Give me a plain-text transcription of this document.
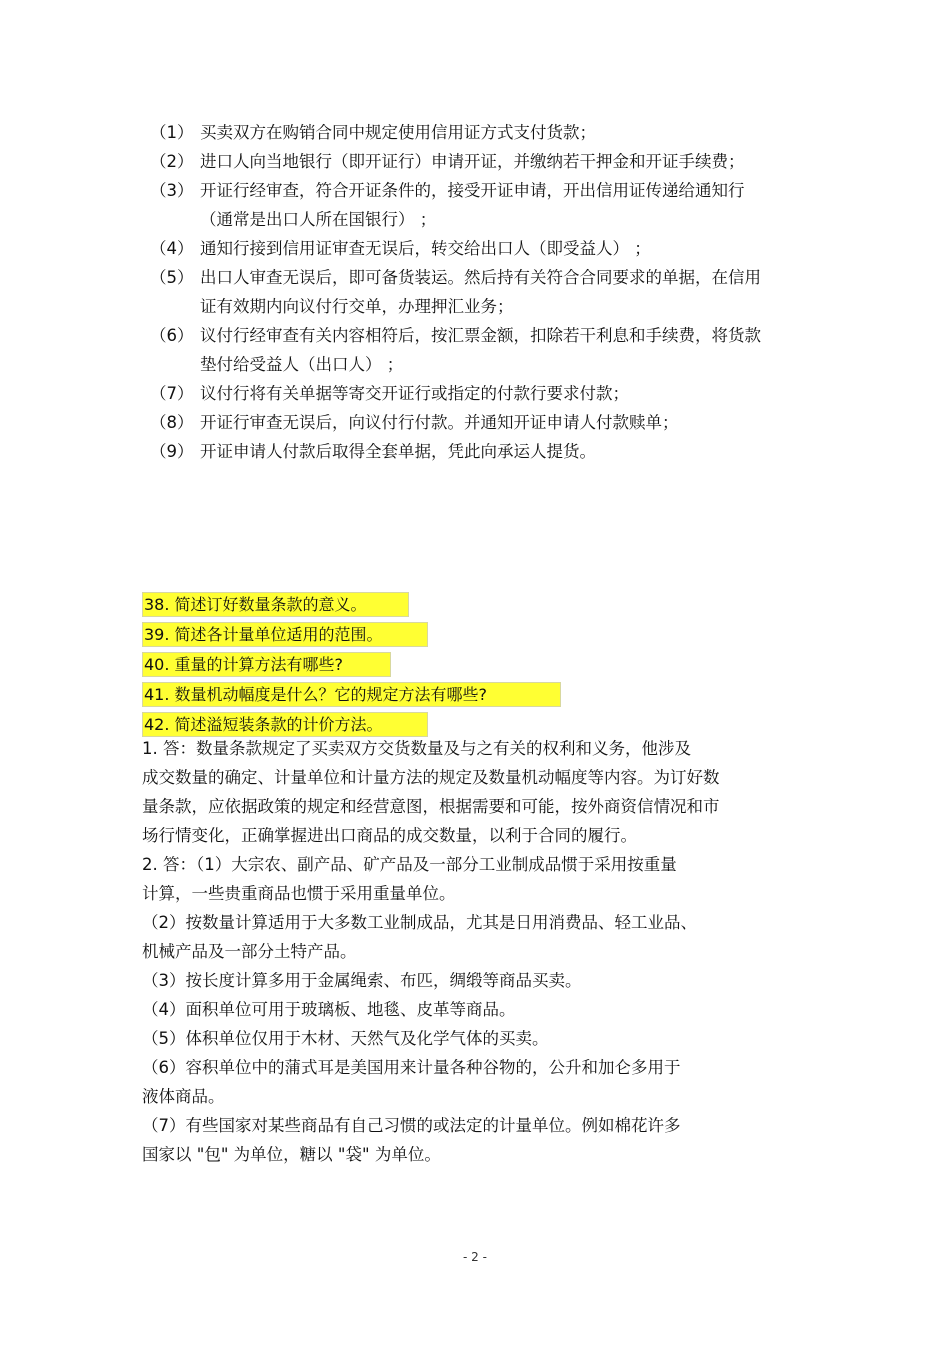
（1） 买卖双方在购销合同中规定使用信用证方式支付货款；
（2） 进口人向当地银行（即开证行）申请开证，并缴纳若干押金和开证手续费；
（3） 开证行经审查，符合开证条件的，接受开证申请，开出信用证传递给通知行（通常是出口人所在国银行） ；
（4） 通知行接到信用证审查无误后，转交给出口人（即受益人） ；
（5） 出口人审查无误后，即可备货装运。然后持有关符合合同要求的单据，在信用证有效期内向议付行交单，办理押汇业务；
（6） 议付行经审查有关内容相符后，按汇票金额，扣除若干利息和手续费，将货款垫付给受益人（出口人） ；
（7） 议付行将有关单据等寄交开证行或指定的付款行要求付款；
（8） 开证行审查无误后，向议付行付款。并通知开证申请人付款赎单；
（9） 开证申请人付款后取得全套单据，凭此向承运人提货。
38. 简述订好数量条款的意义。
39. 简述各计量单位适用的范围。
40. 重量的计算方法有哪些?
41. 数量机动幅度是什么？它的规定方法有哪些?
42. 简述溢短装条款的计价方法。

1. 答：数量条款规定了买卖双方交货数量及与之有关的权利和义务，他涉及

成交数量的确定、计量单位和计量方法的规定及数量机动幅度等内容。为订好数

量条款，应依据政策的规定和经营意图，根据需要和可能，按外商资信情况和市

场行情变化，正确掌握进出口商品的成交数量，以利于合同的履行。

2. 答：（1）大宗农、副产品、矿产品及一部分工业制成品惯于采用按重量

计算，一些贵重商品也惯于采用重量单位。

（2）按数量计算适用于大多数工业制成品，尤其是日用消费品、轻工业品、

机械产品及一部分土特产品。

（3）按长度计算多用于金属绳索、布匹，绸缎等商品买卖。

（4）面积单位可用于玻璃板、地毯、皮革等商品。

（5）体积单位仅用于木材、天然气及化学气体的买卖。

（6）容积单位中的蒲式耳是美国用来计量各种谷物的，公升和加仑多用于

液体商品。

（7）有些国家对某些商品有自己习惯的或法定的计量单位。例如棉花许多

国家以 "包" 为单位，糖以 "袋" 为单位。

- 2 -
